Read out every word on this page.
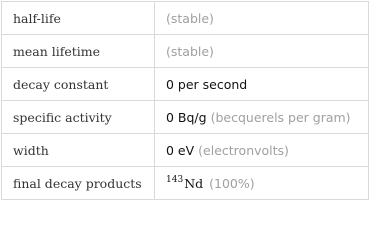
half-life	(stable)
mean lifetime	(stable)
decay constant	0 per second
specific activity	0 Bq/g (becquerels per gram)
width	0 eV (electronvolts)
final decay products	$^{143}$Nd (100%)
